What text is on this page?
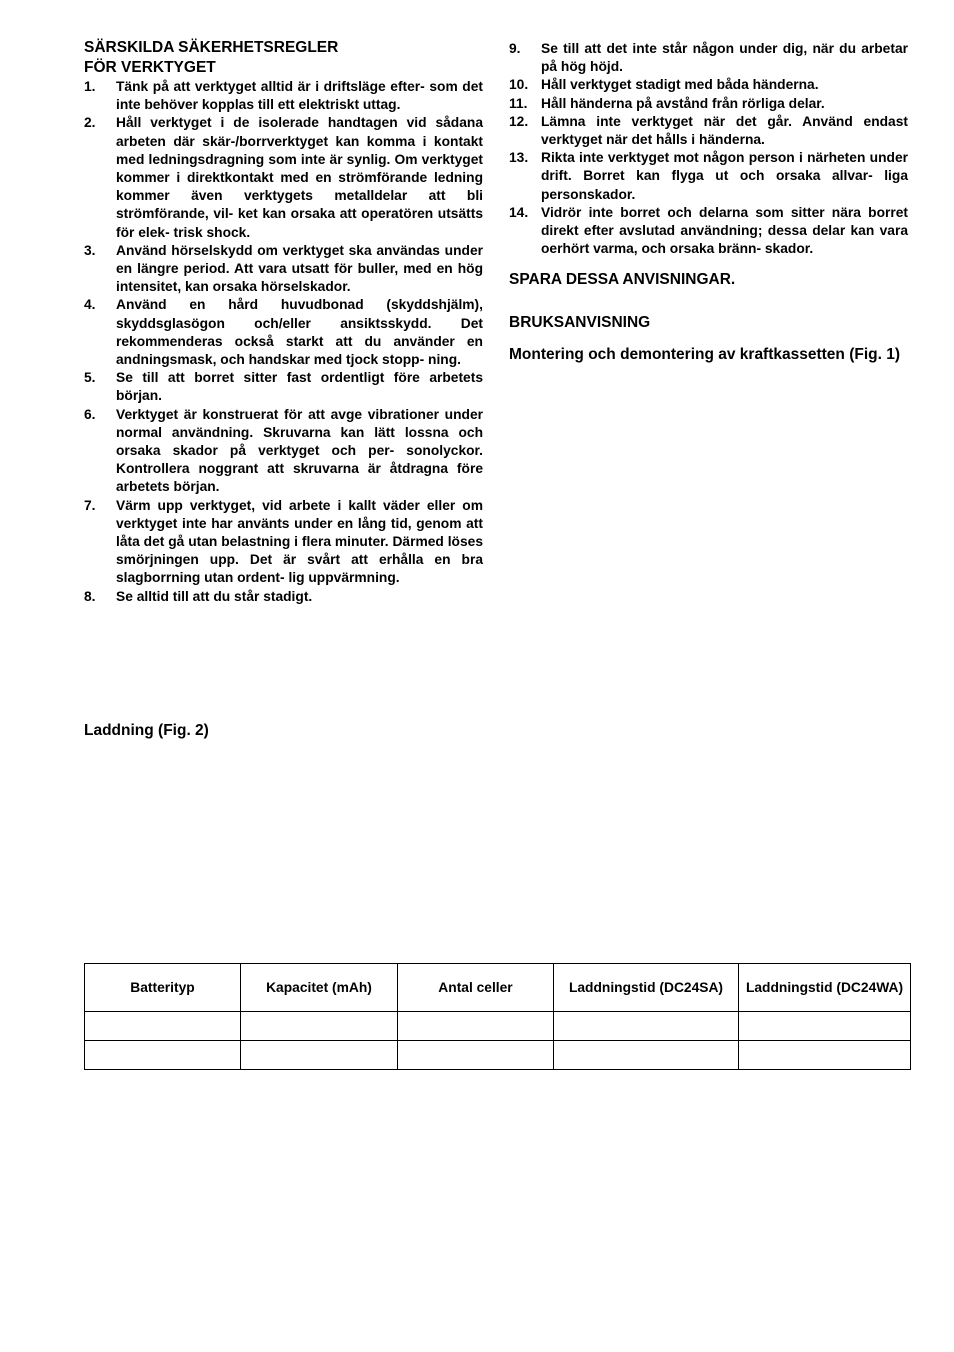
SÄRSKILDA SÄKERHETSREGLER
FÖR VERKTYGET
1.	Tänk på att verktyget alltid är i driftsläge efter- som det inte behöver kopplas till ett elektriskt uttag.
2.	Håll verktyget i de isolerade handtagen vid sådana arbeten där skär-/borrverktyget kan komma i kontakt med ledningsdragning som inte är synlig. Om verktyget kommer i direktkontakt med en strömförande ledning kommer även verktygets metalldelar att bli strömförande, vil- ket kan orsaka att operatören utsätts för elek- trisk shock.
3.	Använd hörselskydd om verktyget ska användas under en längre period. Att vara utsatt för buller, med en hög intensitet, kan orsaka hörselskador.
4.	Använd en hård huvudbonad (skyddshjälm), skyddsglasögon och/eller ansiktsskydd. Det rekommenderas också starkt att du använder en andningsmask, och handskar med tjock stopp- ning.
5.	Se till att borret sitter fast ordentligt före arbetets början.
6.	Verktyget är konstruerat för att avge vibrationer under normal användning. Skruvarna kan lätt lossna och orsaka skador på verktyget och per- sonolyckor. Kontrollera noggrant att skruvarna är åtdragna före arbetets början.
7.	Värm upp verktyget, vid arbete i kallt väder eller om verktyget inte har använts under en lång tid, genom att låta det gå utan belastning i flera minuter. Därmed löses smörjningen upp. Det är svårt att erhålla en bra slagborrning utan ordent- lig uppvärmning.
8.	Se alltid till att du står stadigt.
Laddning (Fig. 2)
9.	Se till att det inte står någon under dig, när du arbetar på hög höjd.
10. Håll verktyget stadigt med båda händerna.
11. Håll händerna på avstånd från rörliga delar.
12. Lämna inte verktyget när det går. Använd endast verktyget när det hålls i händerna.
13. Rikta inte verktyget mot någon person i närheten under drift. Borret kan flyga ut och orsaka allvar- liga personskador.
14. Vidrör inte borret och delarna som sitter nära borret direkt efter avslutad användning; dessa delar kan vara oerhört varma, och orsaka bränn- skador.

SPARA DESSA ANVISNINGAR.

BRUKSANVISNING

Montering och demontering av kraftkassetten (Fig. 1)

Batterityp	Kapacitet (mAh)	Antal celler	Laddningstid (DC24SA)	Laddningstid (DC24WA)
